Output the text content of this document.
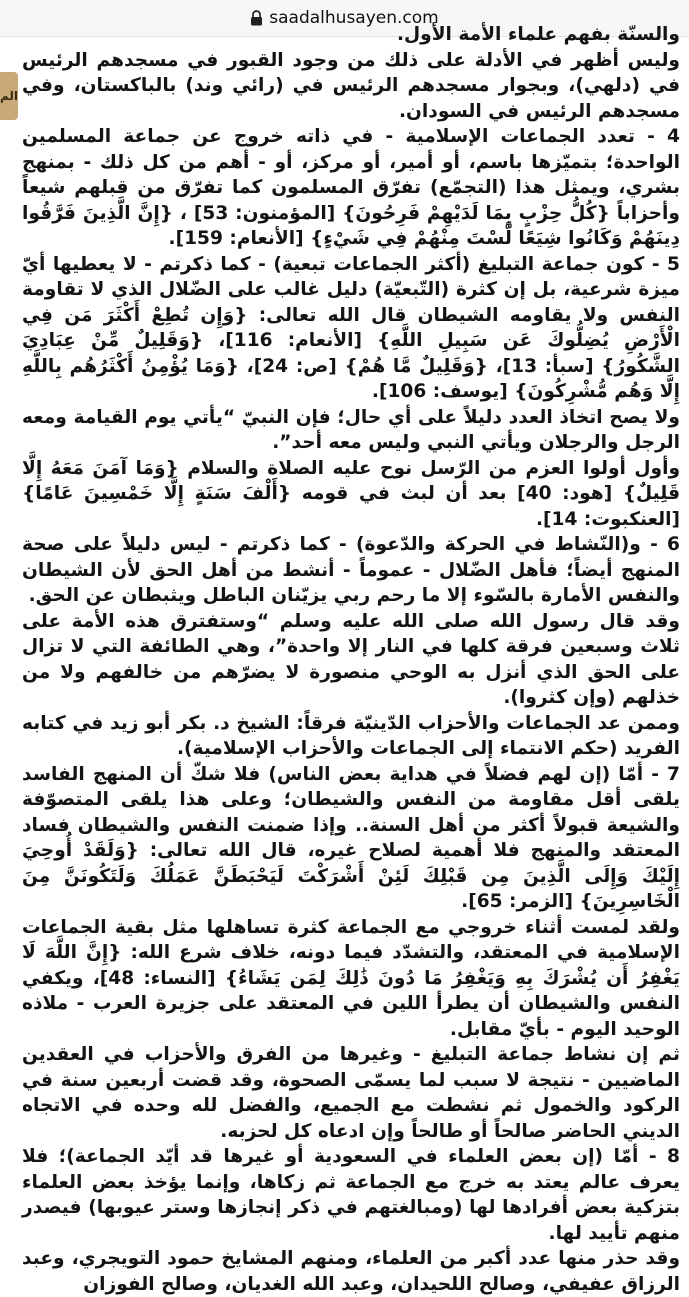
saadalhusayen.com
الم

والسنّة بفهم علماء الأمة الأول.

وليس أظهر في الأدلة على ذلك من وجود القبور في مسجدهم الرئيس في (دلهي)، وبجوار مسجدهم الرئيس في (رائي وند) بالباكستان، وفي مسجدهم الرئيس في السودان.

4 - تعدد الجماعات الإسلامية - في ذاته خروج عن جماعة المسلمين الواحدة؛ بتميّزها باسم، أو أمير، أو مركز، أو - أهم من كل ذلك - بمنهج بشري، ويمثل هذا (التجمّع) تفرّق المسلمون كما تفرّق من قبلهم شيعاً وأحزاباً {كُلُّ حِزْبٍ بِمَا لَدَيْهِمْ فَرِحُونَ} [المؤمنون: 53] ، {إِنَّ الَّذِينَ فَرَّقُوا دِينَهُمْ وَكَانُوا شِيَعًا لَّسْتَ مِنْهُمْ فِي شَيْءٍ} [الأنعام: 159].

5 - كون جماعة التبليغ (أكثر الجماعات تبعية) - كما ذكرتم - لا يعطيها أيّ ميزة شرعية، بل إن كثرة (التّبعيّة) دليل غالب على الضّلال الذي لا تقاومة النفس ولا يقاومه الشيطان قال الله تعالى: {وَإِن تُطِعْ أَكْثَرَ مَن فِي الْأَرْضِ يُضِلُّوكَ عَن سَبِيلِ اللَّهِ} [الأنعام: 116]، {وَقَلِيلٌ مِّنْ عِبَادِيَ الشَّكُورُ} [سبأ: 13]، {وَقَلِيلٌ مَّا هُمْ} [ص: 24]، {وَمَا يُؤْمِنُ أَكْثَرُهُم بِاللَّهِ إِلَّا وَهُم مُّشْرِكُونَ} [يوسف: 106].

ولا يصح اتخاذ العدد دليلاً على أي حال؛ فإن النبيّ “يأتي يوم القيامة ومعه الرجل والرجلان ويأتي النبي وليس معه أحد”.

وأول أولوا العزم من الرّسل نوح عليه الصلاة والسلام {وَمَا آمَنَ مَعَهُ إِلَّا قَلِيلٌ} [هود: 40] بعد أن لبث في قومه {أَلْفَ سَنَةٍ إِلَّا خَمْسِينَ عَامًا} [العنكبوت: 14].

6 - و(النّشاط في الحركة والدّعوة) - كما ذكرتم - ليس دليلاً على صحة المنهج أيضاً؛ فأهل الضّلال - عموماً - أنشط من أهل الحق لأن الشيطان والنفس الأمارة بالسّوء إلا ما رحم ربي يزيّنان الباطل ويثبطان عن الحق.

وقد قال رسول الله صلى الله عليه وسلم “وستفترق هذه الأمة على ثلاث وسبعين فرقة كلها في النار إلا واحدة”، وهي الطائفة التي لا تزال على الحق الذي أنزل به الوحي منصورة لا يضرّهم من خالفهم ولا من خذلهم (وإن كثروا).

وممن عد الجماعات والأحزاب الدّينيّة فرقاً: الشيخ د. بكر أبو زيد في كتابه الفريد (حكم الانتماء إلى الجماعات والأحزاب الإسلامية).

7 - أمّا (إن لهم فضلاً في هداية بعض الناس) فلا شكّ أن المنهج الفاسد يلقى أقل مقاومة من النفس والشيطان؛ وعلى هذا يلقى المتصوّفة والشيعة قبولاً أكثر من أهل السنة.. وإذا ضمنت النفس والشيطان فساد المعتقد والمنهج فلا أهمية لصلاح غيره، قال الله تعالى: {وَلَقَدْ أُوحِيَ إِلَيْكَ وَإِلَى الَّذِينَ مِن قَبْلِكَ لَئِنْ أَشْرَكْتَ لَيَحْبَطَنَّ عَمَلُكَ وَلَتَكُونَنَّ مِنَ الْخَاسِرِينَ} [الزمر: 65].

ولقد لمست أثناء خروجي مع الجماعة كثرة تساهلها مثل بقية الجماعات الإسلامية في المعتقد، والتشدّد فيما دونه، خلاف شرع الله: {إِنَّ اللَّهَ لَا يَغْفِرُ أَن يُشْرَكَ بِهِ وَيَغْفِرُ مَا دُونَ ذَٰلِكَ لِمَن يَشَاءُ} [النساء: 48]، ويكفي النفس والشيطان أن يطرأ اللين في المعتقد على جزيرة العرب - ملاذه الوحيد اليوم - بأيّ مقابل.

ثم إن نشاط جماعة التبليغ - وغيرها من الفرق والأحزاب في العقدين الماضيين - نتيجة لا سبب لما يسمّى الصحوة، وقد قضت أربعين سنة في الركود والخمول ثم نشطت مع الجميع، والفضل لله وحده في الاتجاه الديني الحاضر صالحاً أو طالحاً وإن ادعاه كل لحزبه.

8 - أمّا (إن بعض العلماء في السعودية أو غيرها قد أيّد الجماعة)؛ فلا يعرف عالم يعتد به خرج مع الجماعة ثم زكاها، وإنما يؤخذ بعض العلماء بتزكية بعض أفرادها لها (ومبالغتهم في ذكر إنجازها وستر عيوبها) فيصدر منهم تأييد لها.

وقد حذر منها عدد أكبر من العلماء، ومنهم المشايخ حمود التويجري، وعبد الرزاق عفيفي، وصالح اللحيدان، وعبد الله الغديان، وصالح الفوزان
